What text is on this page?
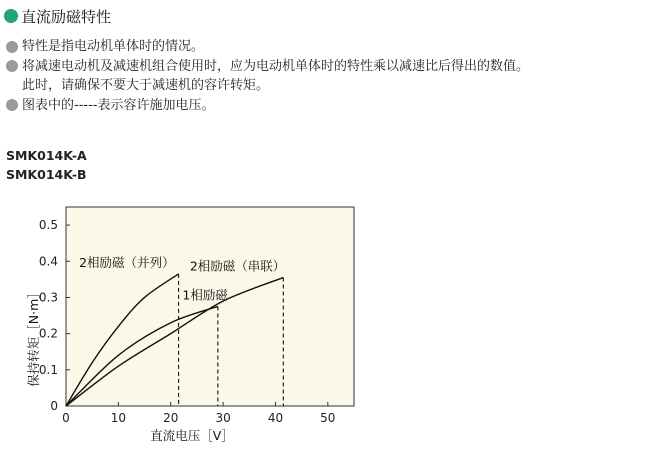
直流励磁特性
特性是指电动机单体时的情况。
将减速电动机及减速机组合使用时，应为电动机单体时的特性乘以减速比后得出的数值。
此时，请确保不要大于减速机的容许转矩。
图表中的-----表示容许施加电压。
SMK014K-A
SMK014K-B
0
0.1
0.2
0.3
0.4
0.5
0	10	20	30	40	50
2相励磁（并列）
1相励磁
2相励磁（串联）
直流电压［V］
保持转矩［N·m］
